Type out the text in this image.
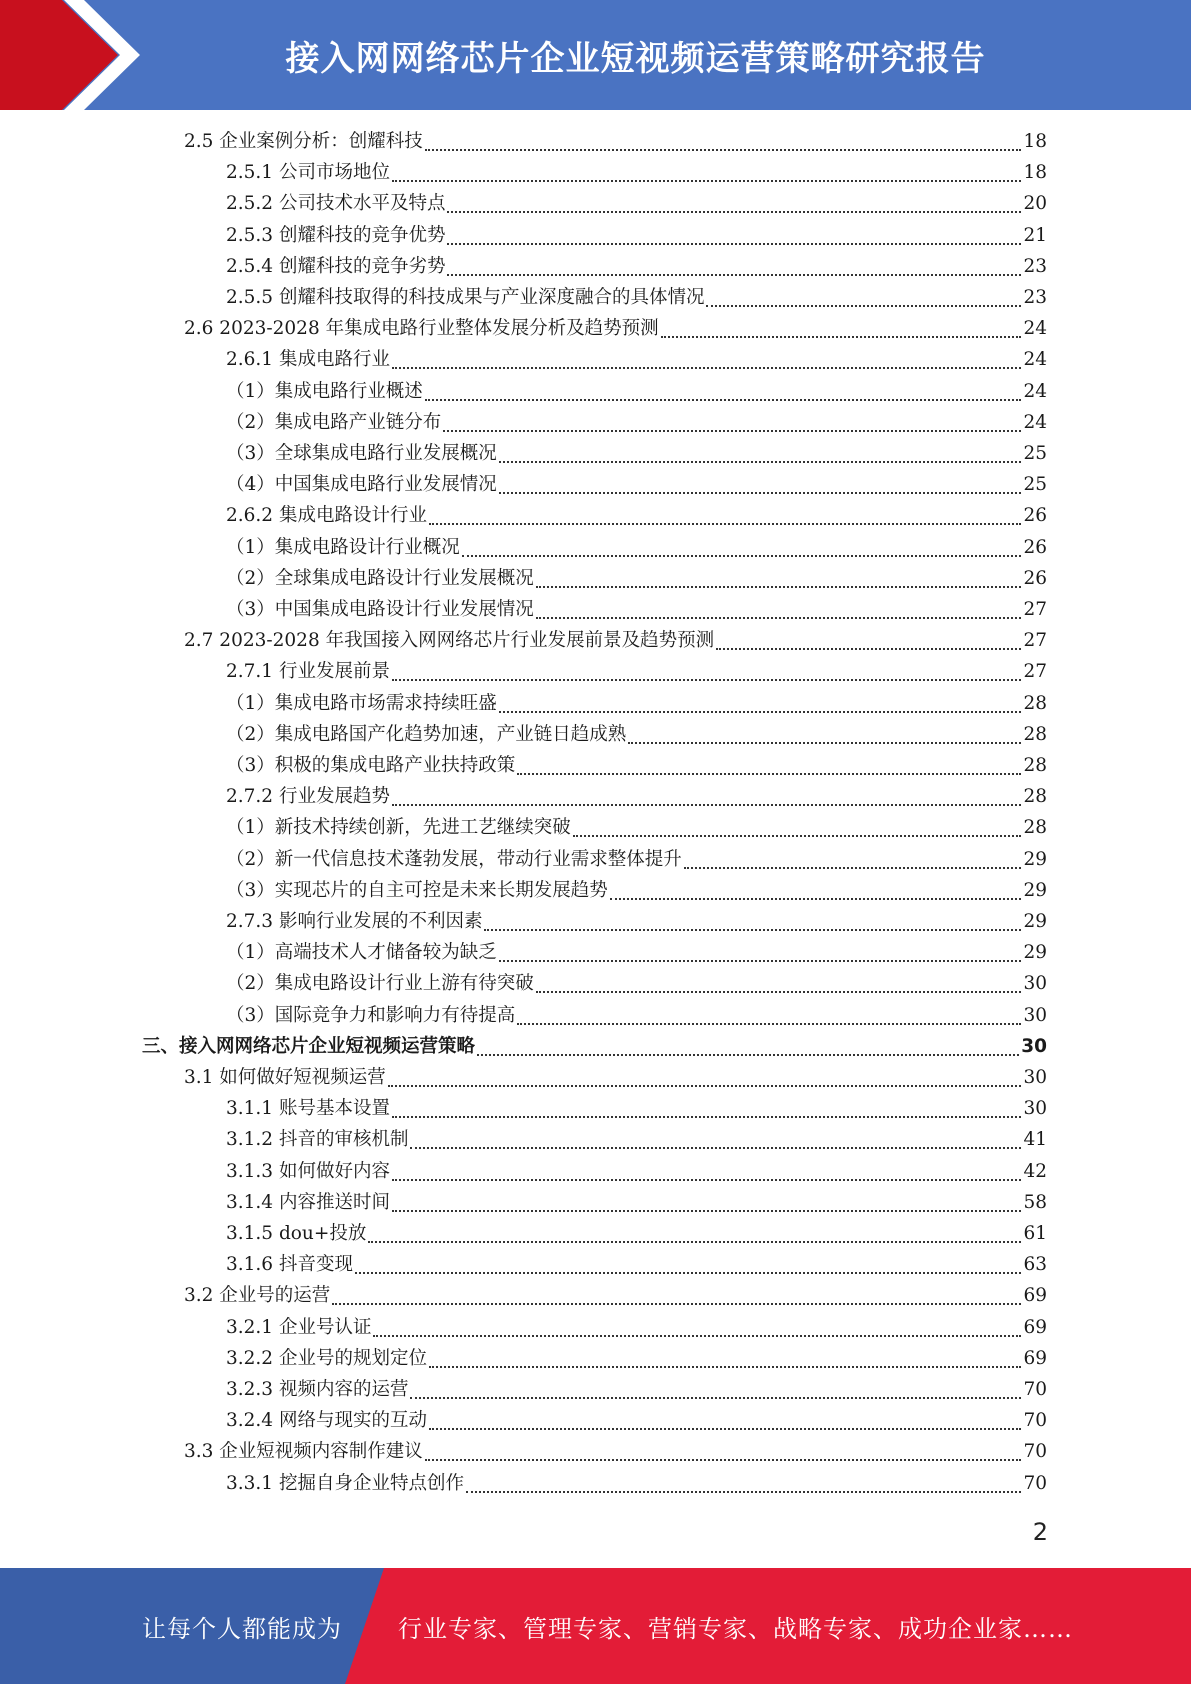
接入网网络芯片企业短视频运营策略研究报告
2.5 企业案例分析：创耀科技	18
2.5.1 公司市场地位	18
2.5.2 公司技术水平及特点	20
2.5.3 创耀科技的竞争优势	21
2.5.4 创耀科技的竞争劣势	23
2.5.5 创耀科技取得的科技成果与产业深度融合的具体情况	23
2.6 2023-2028 年集成电路行业整体发展分析及趋势预测	24
2.6.1 集成电路行业	24
（1）集成电路行业概述	24
（2）集成电路产业链分布	24
（3）全球集成电路行业发展概况	25
（4）中国集成电路行业发展情况	25
2.6.2 集成电路设计行业	26
（1）集成电路设计行业概况	26
（2）全球集成电路设计行业发展概况	26
（3）中国集成电路设计行业发展情况	27
2.7 2023-2028 年我国接入网网络芯片行业发展前景及趋势预测	27
2.7.1 行业发展前景	27
（1）集成电路市场需求持续旺盛	28
（2）集成电路国产化趋势加速，产业链日趋成熟	28
（3）积极的集成电路产业扶持政策	28
2.7.2 行业发展趋势	28
（1）新技术持续创新，先进工艺继续突破	28
（2）新一代信息技术蓬勃发展，带动行业需求整体提升	29
（3）实现芯片的自主可控是未来长期发展趋势	29
2.7.3 影响行业发展的不利因素	29
（1）高端技术人才储备较为缺乏	29
（2）集成电路设计行业上游有待突破	30
（3）国际竞争力和影响力有待提高	30
三、接入网网络芯片企业短视频运营策略	30
3.1 如何做好短视频运营	30
3.1.1 账号基本设置	30
3.1.2 抖音的审核机制	41
3.1.3 如何做好内容	42
3.1.4 内容推送时间	58
3.1.5 dou+投放	61
3.1.6 抖音变现	63
3.2 企业号的运营	69
3.2.1 企业号认证	69
3.2.2 企业号的规划定位	69
3.2.3 视频内容的运营	70
3.2.4 网络与现实的互动	70
3.3 企业短视频内容制作建议	70
3.3.1 挖掘自身企业特点创作	70
2
让每个人都能成为 行业专家、管理专家、营销专家、战略专家、成功企业家……
